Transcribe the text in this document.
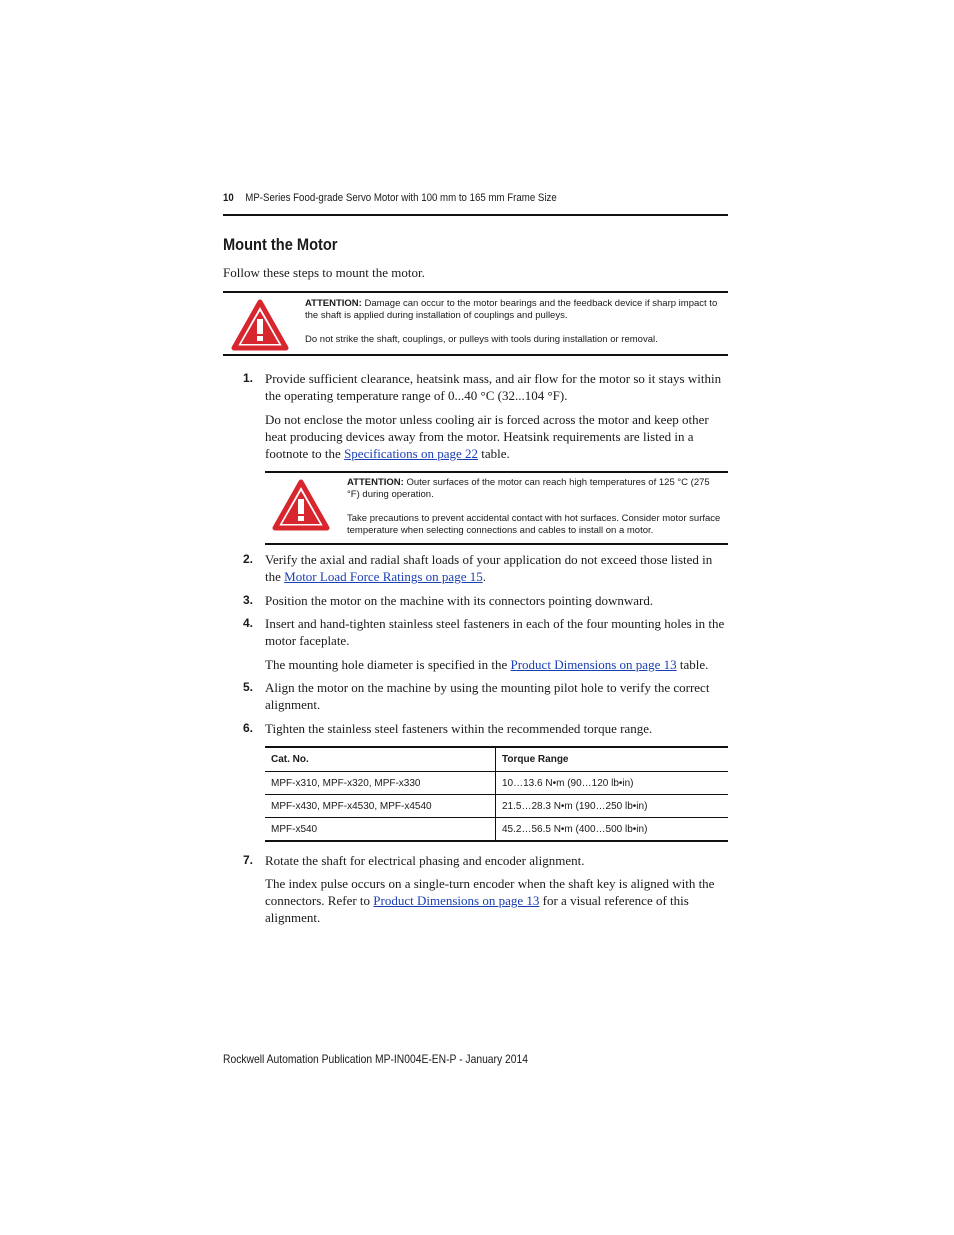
10 MP-Series Food-grade Servo Motor with 100 mm to 165 mm Frame Size
Mount the Motor
Follow these steps to mount the motor.

ATTENTION: Damage can occur to the motor bearings and the feedback device if sharp impact to the shaft is applied during installation of couplings and pulleys.

Do not strike the shaft, couplings, or pulleys with tools during installation or removal.

1. Provide sufficient clearance, heatsink mass, and air flow for the motor so it stays within the operating temperature range of 0...40 °C (32...104 °F).
Do not enclose the motor unless cooling air is forced across the motor and keep other heat producing devices away from the motor. Heatsink requirements are listed in a footnote to the Specifications on page 22 table.

ATTENTION: Outer surfaces of the motor can reach high temperatures of 125 °C (275 °F) during operation.

Take precautions to prevent accidental contact with hot surfaces. Consider motor surface temperature when selecting connections and cables to install on a motor.

2. Verify the axial and radial shaft loads of your application do not exceed those listed in the Motor Load Force Ratings on page 15.
3. Position the motor on the machine with its connectors pointing downward.
4. Insert and hand-tighten stainless steel fasteners in each of the four mounting holes in the motor faceplate.
The mounting hole diameter is specified in the Product Dimensions on page 13 table.
5. Align the motor on the machine by using the mounting pilot hole to verify the correct alignment.
6. Tighten the stainless steel fasteners within the recommended torque range.
Cat. No.	Torque Range
MPF-x310, MPF-x320, MPF-x330	10…13.6 N•m (90…120 lb•in)
MPF-x430, MPF-x4530, MPF-x4540	21.5…28.3 N•m (190…250 lb•in)
MPF-x540	45.2…56.5 N•m (400…500 lb•in)
7. Rotate the shaft for electrical phasing and encoder alignment.
The index pulse occurs on a single-turn encoder when the shaft key is aligned with the connectors. Refer to Product Dimensions on page 13 for a visual reference of this alignment.
Rockwell Automation Publication MP-IN004E-EN-P - January 2014
